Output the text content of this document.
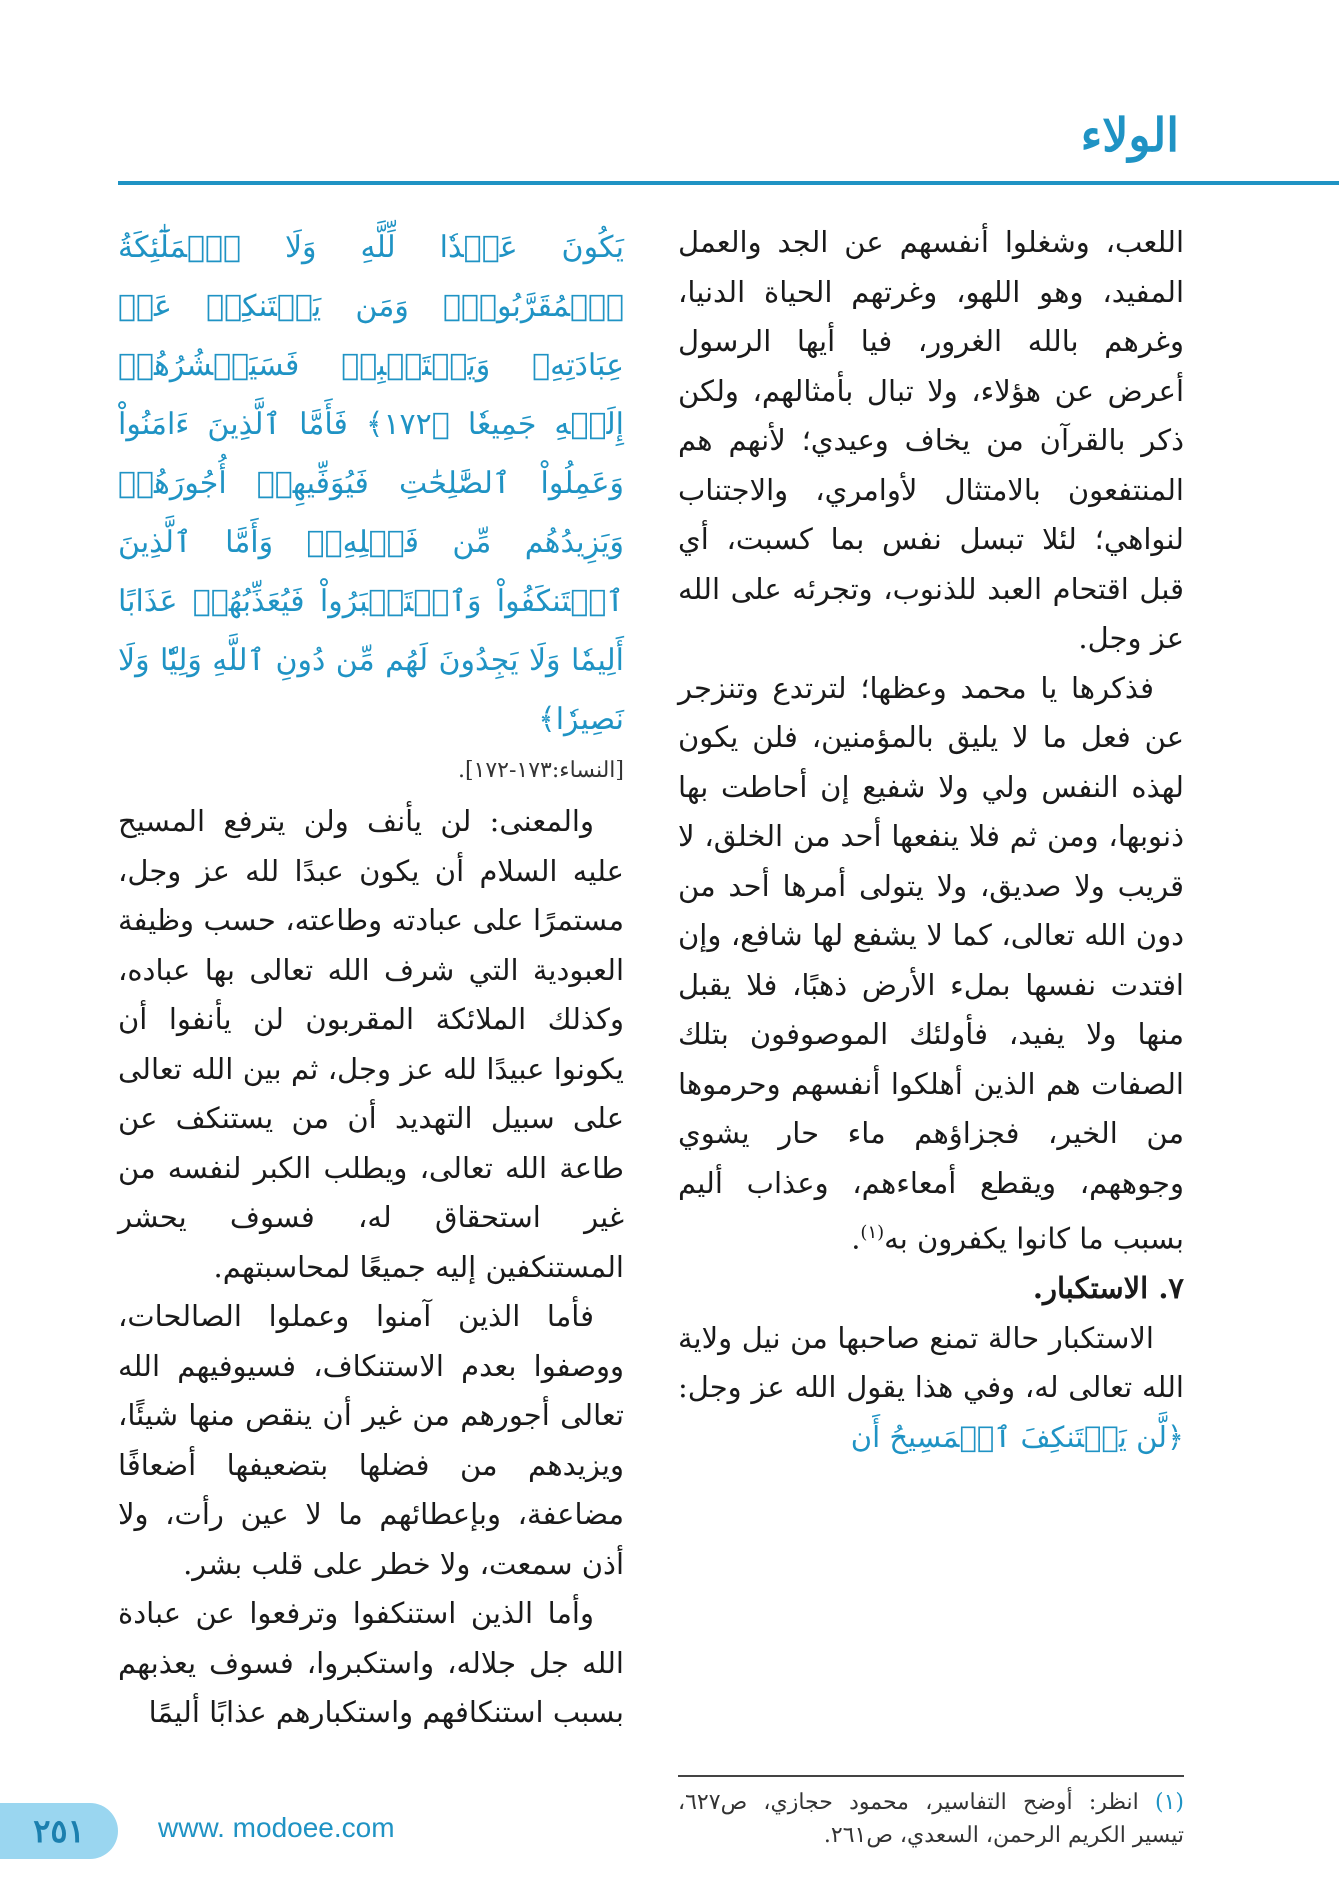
الولاء

اللعب، وشغلوا أنفسهم عن الجد والعمل المفيد، وهو اللهو، وغرتهم الحياة الدنيا، وغرهم بالله الغرور، فيا أيها الرسول أعرض عن هؤلاء، ولا تبال بأمثالهم، ولكن ذكر بالقرآن من يخاف وعيدي؛ لأنهم هم المنتفعون بالامتثال لأوامري، والاجتناب لنواهي؛ لئلا تبسل نفس بما كسبت، أي قبل اقتحام العبد للذنوب، وتجرئه على الله عز وجل.

فذكرها يا محمد وعظها؛ لترتدع وتنزجر عن فعل ما لا يليق بالمؤمنين، فلن يكون لهذه النفس ولي ولا شفيع إن أحاطت بها ذنوبها، ومن ثم فلا ينفعها أحد من الخلق، لا قريب ولا صديق، ولا يتولى أمرها أحد من دون الله تعالى، كما لا يشفع لها شافع، وإن افتدت نفسها بملء الأرض ذهبًا، فلا يقبل منها ولا يفيد، فأولئك الموصوفون بتلك الصفات هم الذين أهلكوا أنفسهم وحرموها من الخير، فجزاؤهم ماء حار يشوي وجوههم، ويقطع أمعاءهم، وعذاب أليم بسبب ما كانوا يكفرون به$^{(١)}$.

٧. الاستكبار.

الاستكبار حالة تمنع صاحبها من نيل ولاية الله تعالى له، وفي هذا يقول الله عز وجل: ﴿لَّن يَسۡتَنكِفَ ٱلۡمَسِيحُ أَن

يَكُونَ عَبۡدٗا لِّلَّهِ وَلَا ٱلۡمَلَٰٓئِكَةُ ٱلۡمُقَرَّبُونَۚ وَمَن يَسۡتَنكِفۡ عَنۡ عِبَادَتِهِۦ وَيَسۡتَكۡبِرۡ فَسَيَحۡشُرُهُمۡ إِلَيۡهِ جَمِيعٗا ﴿١٧٢﴾ فَأَمَّا ٱلَّذِينَ ءَامَنُواْ وَعَمِلُواْ ٱلصَّٰلِحَٰتِ فَيُوَفِّيهِمۡ أُجُورَهُمۡ وَيَزِيدُهُم مِّن فَضۡلِهِۦۖ وَأَمَّا ٱلَّذِينَ ٱسۡتَنكَفُواْ وَٱسۡتَكۡبَرُواْ فَيُعَذِّبُهُمۡ عَذَابًا أَلِيمٗا وَلَا يَجِدُونَ لَهُم مِّن دُونِ ٱللَّهِ وَلِيّٗا وَلَا نَصِيرٗا﴾

[النساء:١٧٣-١٧٢].

والمعنى: لن يأنف ولن يترفع المسيح عليه السلام أن يكون عبدًا لله عز وجل، مستمرًا على عبادته وطاعته، حسب وظيفة العبودية التي شرف الله تعالى بها عباده، وكذلك الملائكة المقربون لن يأنفوا أن يكونوا عبيدًا لله عز وجل، ثم بين الله تعالى على سبيل التهديد أن من يستنكف عن طاعة الله تعالى، ويطلب الكبر لنفسه من غير استحقاق له، فسوف يحشر المستنكفين إليه جميعًا لمحاسبتهم.

فأما الذين آمنوا وعملوا الصالحات، ووصفوا بعدم الاستنكاف، فسيوفيهم الله تعالى أجورهم من غير أن ينقص منها شيئًا، ويزيدهم من فضلها بتضعيفها أضعافًا مضاعفة، وبإعطائهم ما لا عين رأت، ولا أذن سمعت، ولا خطر على قلب بشر.

وأما الذين استنكفوا وترفعوا عن عبادة الله جل جلاله، واستكبروا، فسوف يعذبهم بسبب استنكافهم واستكبارهم عذابًا أليمًا

(١) انظر: أوضح التفاسير، محمود حجازي، ص٦٢٧، تيسير الكريم الرحمن، السعدي، ص٢٦١.
٢٥١	www. modoee.com
